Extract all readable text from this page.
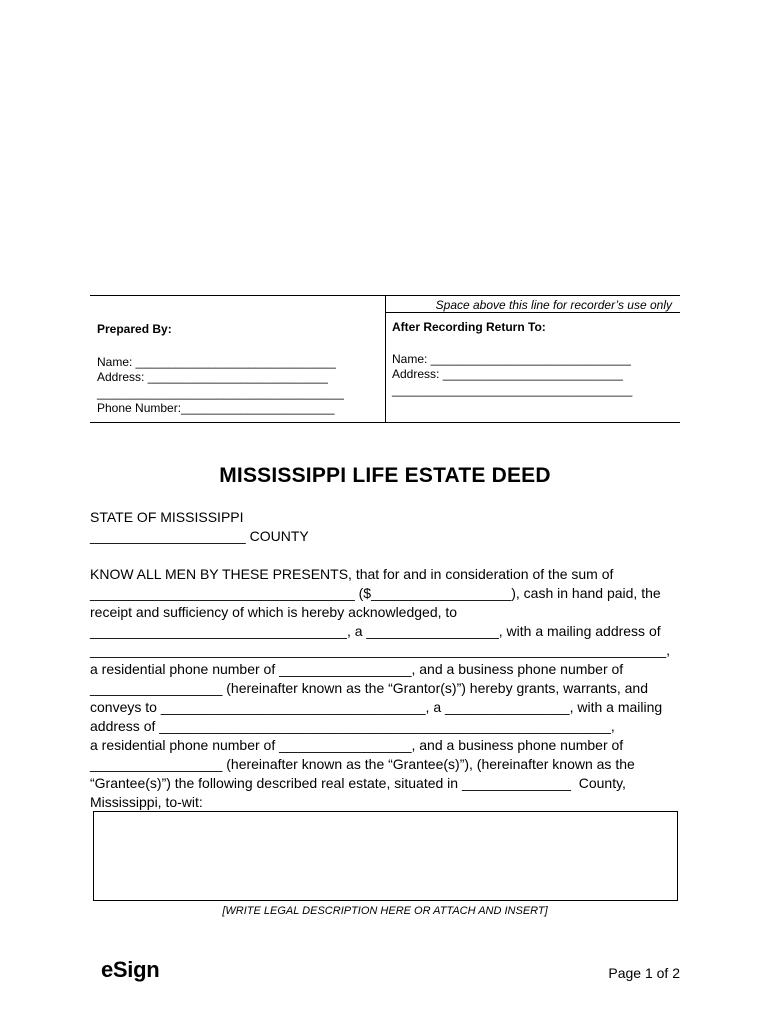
Space above this line for recorder’s use only
Prepared By:
Name: ______________________________
Address: ___________________________
_____________________________________
Phone Number:_______________________
After Recording Return To:
Name: ______________________________
Address: ___________________________
____________________________________
MISSISSIPPI LIFE ESTATE DEED
STATE OF MISSISSIPPI
____________________ COUNTY
KNOW ALL MEN BY THESE PRESENTS, that for and in consideration of the sum of
__________________________________ ($__________________), cash in hand paid, the
receipt and sufficiency of which is hereby acknowledged, to
_________________________________, a _________________, with a mailing address of
__________________________________________________________________________,
a residential phone number of _________________, and a business phone number of
_________________ (hereinafter known as the “Grantor(s)”) hereby grants, warrants, and
conveys to __________________________________, a ________________, with a mailing
address of __________________________________________________________,
a residential phone number of _________________, and a business phone number of
_________________ (hereinafter known as the “Grantee(s)”), (hereinafter known as the
“Grantee(s)”) the following described real estate, situated in ______________  County,
Mississippi, to-wit:
[WRITE LEGAL DESCRIPTION HERE OR ATTACH AND INSERT]
eSign	Page 1 of 2
